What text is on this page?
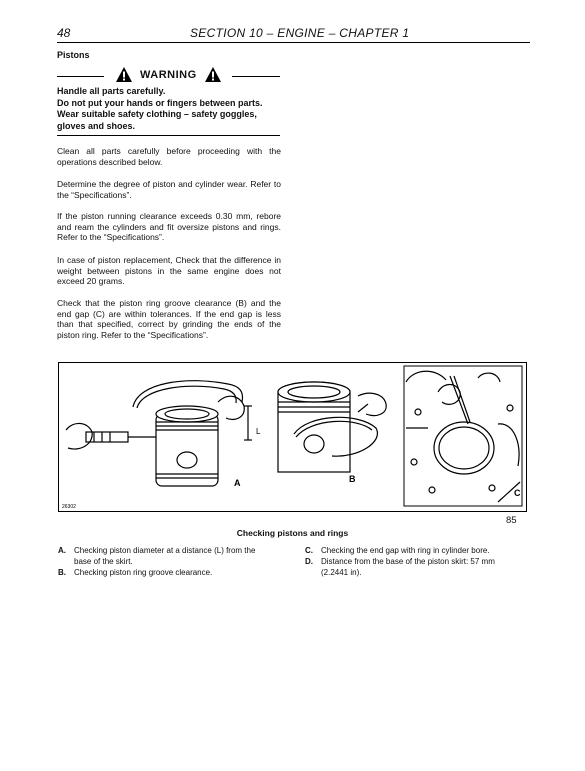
48	SECTION 10 – ENGINE – CHAPTER 1
Pistons
WARNING
Handle all parts carefully.
Do not put your hands or fingers between parts.
Wear suitable safety clothing – safety goggles,
gloves and shoes.
Clean all parts carefully before proceeding with the operations described below.
Determine the degree of piston and cylinder wear. Refer to the “Specifications”.
If the piston running clearance exceeds 0.30 mm, rebore and ream the cylinders and fit oversize pistons and rings. Refer to the “Specifications”.
In case of piston replacement, Check that the difference in weight between pistons in the same engine does not exceed 20 grams.
Check that the piston ring groove clearance (B) and the end gap (C) are within tolerances. If the end gap is less than that specified, correct by grinding the ends of the piston ring. Refer to the “Specifications”.
L
A
26302
B
C
85
Checking pistons and rings
A. Checking piston diameter at a distance (L) from the
base of the skirt.
B. Checking piston ring groove clearance.
C. Checking the end gap with ring in cylinder bore.
D. Distance from the base of the piston skirt: 57 mm
(2.2441 in).
